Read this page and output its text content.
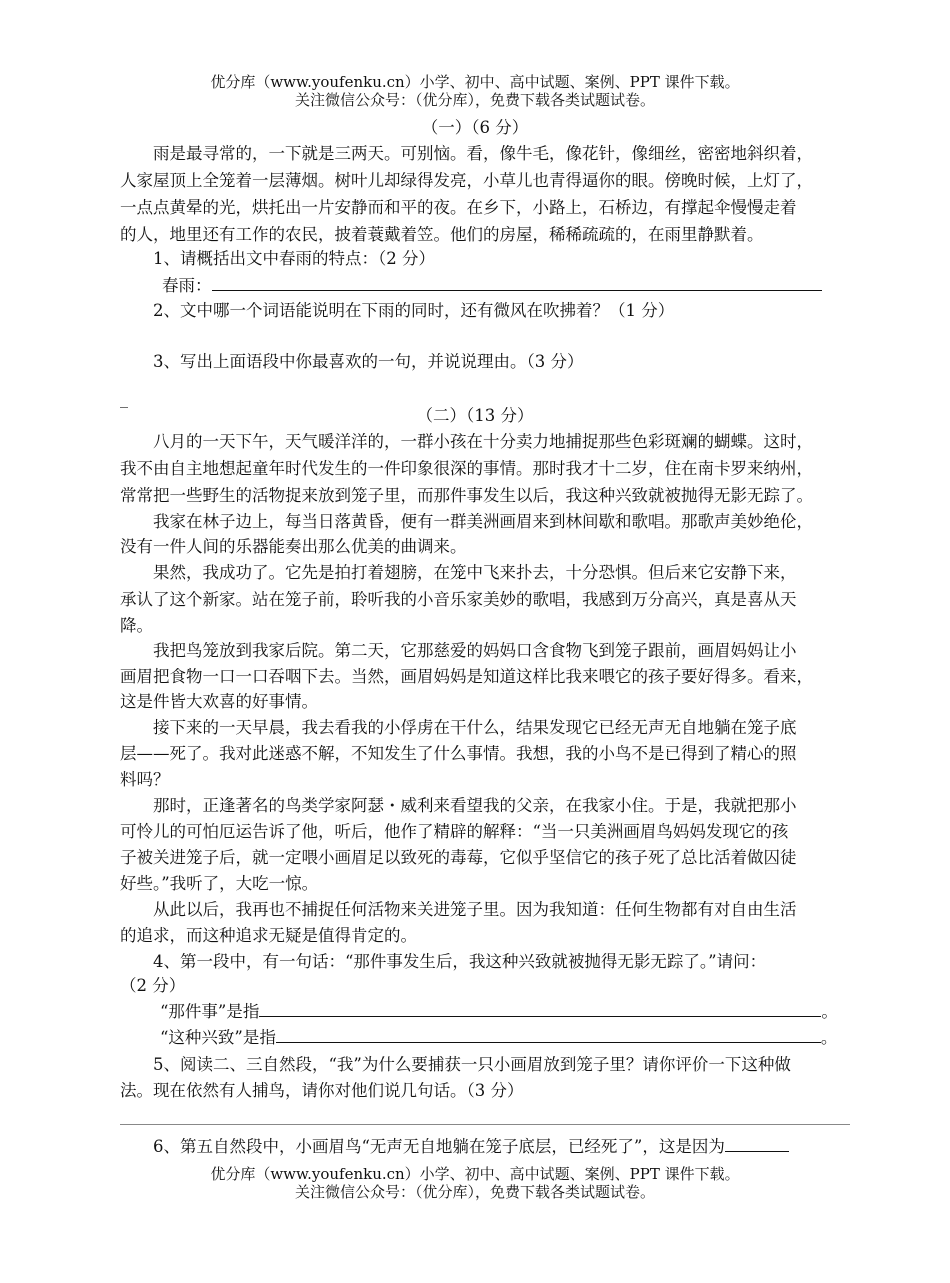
优分库（www.youfenku.cn）小学、初中、高中试题、案例、PPT 课件下载。
关注微信公众号：（优分库），免费下载各类试题试卷。
（一）（6 分）
雨是最寻常的，一下就是三两天。可别恼。看，像牛毛，像花针，像细丝，密密地斜织着，
人家屋顶上全笼着一层薄烟。树叶儿却绿得发亮，小草儿也青得逼你的眼。傍晚时候，上灯了，
一点点黄晕的光，烘托出一片安静而和平的夜。在乡下，小路上，石桥边，有撑起伞慢慢走着
的人，地里还有工作的农民，披着蓑戴着笠。他们的房屋，稀稀疏疏的，在雨里静默着。
1、请概括出文中春雨的特点：（2 分）
春雨：
2、文中哪一个词语能说明在下雨的同时，还有微风在吹拂着？（1 分）
3、写出上面语段中你最喜欢的一句，并说说理由。（3 分）
_
（二）（13 分）
八月的一天下午，天气暖洋洋的，一群小孩在十分卖力地捕捉那些色彩斑斓的蝴蝶。这时，
我不由自主地想起童年时代发生的一件印象很深的事情。那时我才十二岁，住在南卡罗来纳州，
常常把一些野生的活物捉来放到笼子里，而那件事发生以后，我这种兴致就被抛得无影无踪了。
我家在林子边上，每当日落黄昏，便有一群美洲画眉来到林间歇和歌唱。那歌声美妙绝伦，
没有一件人间的乐器能奏出那么优美的曲调来。
果然，我成功了。它先是拍打着翅膀，在笼中飞来扑去，十分恐惧。但后来它安静下来，
承认了这个新家。站在笼子前，聆听我的小音乐家美妙的歌唱，我感到万分高兴，真是喜从天
降。
我把鸟笼放到我家后院。第二天，它那慈爱的妈妈口含食物飞到笼子跟前，画眉妈妈让小
画眉把食物一口一口吞咽下去。当然，画眉妈妈是知道这样比我来喂它的孩子要好得多。看来，
这是件皆大欢喜的好事情。
接下来的一天早晨，我去看我的小俘虏在干什么，结果发现它已经无声无自地躺在笼子底
层——死了。我对此迷惑不解，不知发生了什么事情。我想，我的小鸟不是已得到了精心的照
料吗？
那时，正逢著名的鸟类学家阿瑟・威利来看望我的父亲，在我家小住。于是，我就把那小
可怜儿的可怕厄运告诉了他，听后，他作了精辟的解释：“当一只美洲画眉鸟妈妈发现它的孩
子被关进笼子后，就一定喂小画眉足以致死的毒莓，它似乎坚信它的孩子死了总比活着做囚徒
好些。”我听了，大吃一惊。
从此以后，我再也不捕捉任何活物来关进笼子里。因为我知道：任何生物都有对自由生活
的追求，而这种追求无疑是值得肯定的。
4、第一段中，有一句话：“那件事发生后，我这种兴致就被抛得无影无踪了。”请问：
（2 分）
“那件事”是指	。
“这种兴致”是指	。
5、阅读二、三自然段，“我”为什么要捕获一只小画眉放到笼子里？请你评价一下这种做
法。现在依然有人捕鸟，请你对他们说几句话。（3 分）
6、第五自然段中，小画眉鸟“无声无自地躺在笼子底层，已经死了”，这是因为
优分库（www.youfenku.cn）小学、初中、高中试题、案例、PPT 课件下载。
关注微信公众号：（优分库），免费下载各类试题试卷。
